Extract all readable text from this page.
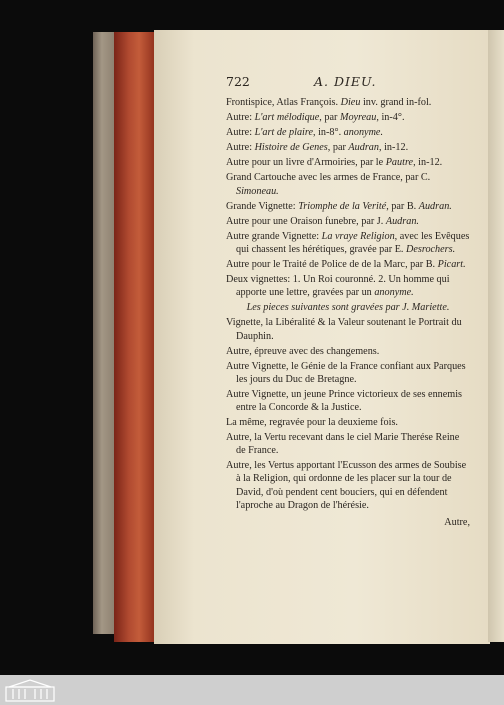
722	A. DIEU.

Frontispice, Atlas François. Dieu inv. grand in-fol.

Autre: L'art mélodique, par Moyreau, in-4°.

Autre: L'art de plaire, in-8°. anonyme.

Autre: Histoire de Genes, par Audran, in-12.

Autre pour un livre d'Armoiries, par le Pautre, in-12.

Grand Cartouche avec les armes de France, par C. Simoneau.

Grande Vignette: Triomphe de la Verité, par B. Audran.

Autre pour une Oraison funebre, par J. Audran.

Autre grande Vignette: La vraye Religion, avec les Evêques qui chassent les hérétiques, gravée par E. Desrochers.

Autre pour le Traité de Police de de la Marc, par B. Picart.

Deux vignettes: 1. Un Roi couronné. 2. Un homme qui apporte une lettre, gravées par un anonyme.

Les pieces suivantes sont gravées par J. Mariette.

Vignette, la Libéralité & la Valeur soutenant le Portrait du Dauphin.

Autre, épreuve avec des changemens.

Autre Vignette, le Génie de la France confiant aux Parques les jours du Duc de Bretagne.

Autre Vignette, un jeune Prince victorieux de ses ennemis entre la Concorde & la Justice.

La même, regravée pour la deuxieme fois.

Autre, la Vertu recevant dans le ciel Marie Therése Reine de France.

Autre, les Vertus apportant l'Ecusson des armes de Soubise à la Religion, qui ordonne de les placer sur la tour de David, d'où pendent cent bouciers, qui en défendent l'aproche au Dragon de l'hérésie.

Autre,
